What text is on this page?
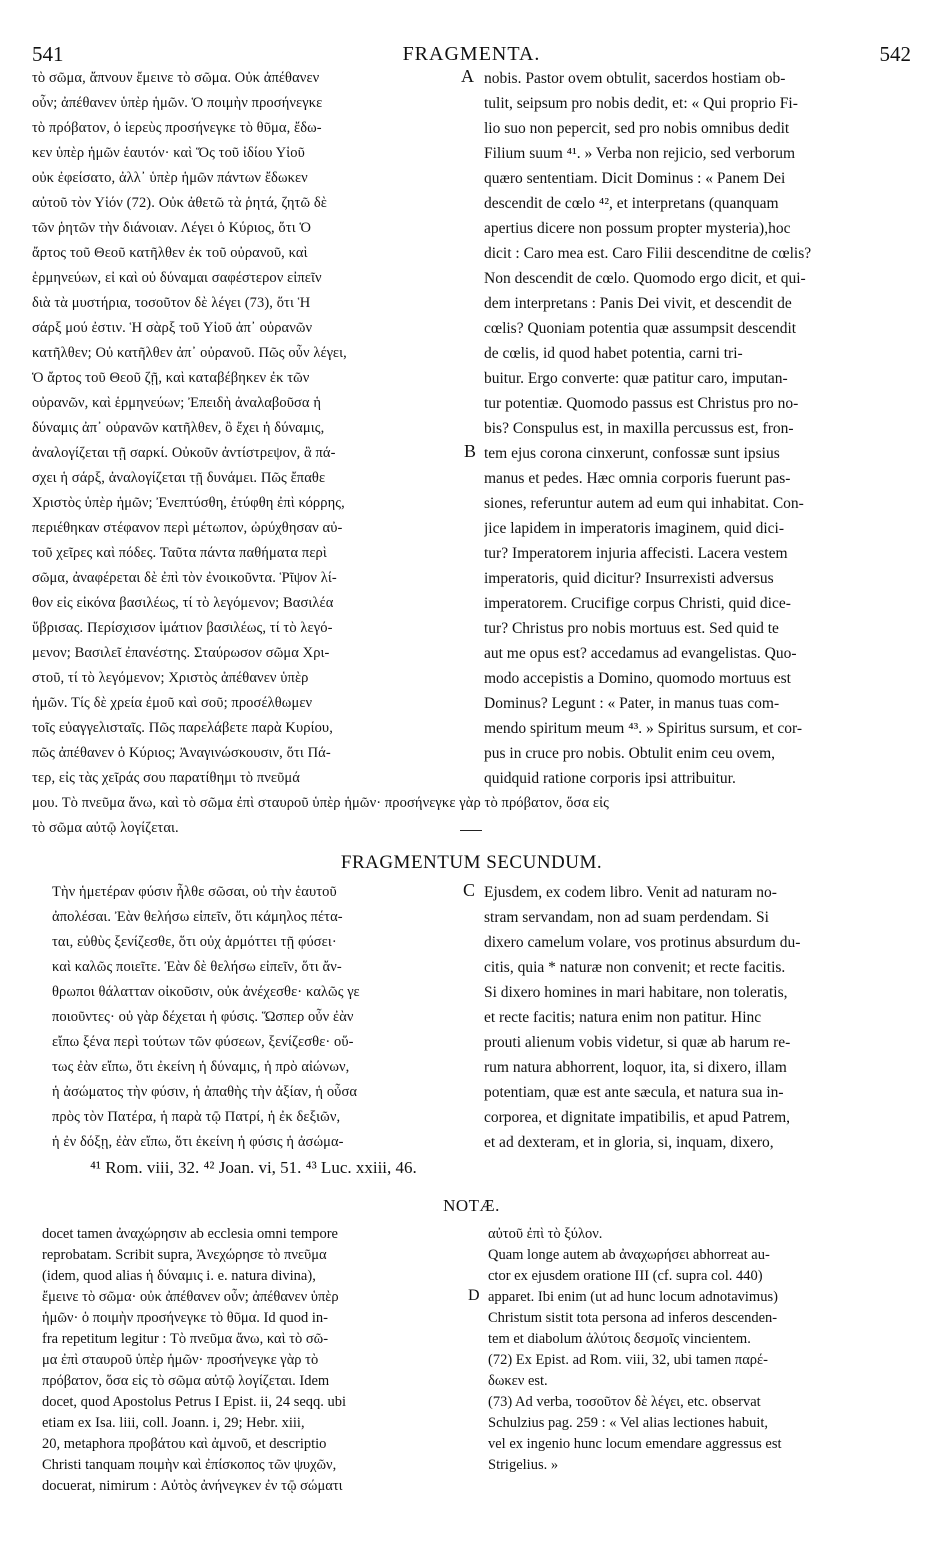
541	FRAGMENTA.	542
τὸ σῶμα, ἄπνουν ἔμεινε τὸ σῶμα. Οὐκ ἀπέθανεν
οὖν; ἀπέθανεν ὑπὲρ ἡμῶν. Ὁ ποιμὴν προσήνεγκε
τὸ πρόβατον, ὁ ἱερεὺς προσήνεγκε τὸ θῦμα, ἔδω-
κεν ὑπὲρ ἡμῶν ἑαυτόν· καὶ Ὅς τοῦ ἰδίου Υἱοῦ
οὐκ ἐφείσατο, ἀλλ᾽ ὑπὲρ ἡμῶν πάντων ἔδωκεν
αὐτοῦ τὸν Υἱόν (72). Οὐκ ἀθετῶ τὰ ῥητά, ζητῶ δὲ
τῶν ῥητῶν τὴν διάνοιαν. Λέγει ὁ Κύριος, ὅτι Ὁ
ἄρτος τοῦ Θεοῦ κατῆλθεν ἐκ τοῦ οὐρανοῦ, καὶ
ἑρμηνεύων, εἰ καὶ οὐ δύναμαι σαφέστερον εἰπεῖν
διὰ τὰ μυστήρια, τοσοῦτον δὲ λέγει (73), ὅτι Ἡ
σάρξ μού ἐστιν. Ἡ σὰρξ τοῦ Υἱοῦ ἀπ᾽ οὐρανῶν
κατῆλθεν; Οὐ κατῆλθεν ἀπ᾽ οὐρανοῦ. Πῶς οὖν λέγει,
Ὁ ἄρτος τοῦ Θεοῦ ζῇ, καὶ καταβέβηκεν ἐκ τῶν
οὐρανῶν, καὶ ἑρμηνεύων; Ἐπειδὴ ἀναλαβοῦσα ἡ
δύναμις ἀπ᾽ οὐρανῶν κατῆλθεν, ὃ ἔχει ἡ δύναμις,
ἀναλογίζεται τῇ σαρκί. Οὐκοῦν ἀντίστρεψον, ἃ πά-
σχει ἡ σάρξ, ἀναλογίζεται τῇ δυνάμει. Πῶς ἔπαθε
Χριστὸς ὑπὲρ ἡμῶν; Ἐνεπτύσθη, ἐτύφθη ἐπὶ κόρρης,
περιέθηκαν στέφανον περὶ μέτωπον, ὠρύχθησαν αὐ-
τοῦ χεῖρες καὶ πόδες. Ταῦτα πάντα παθήματα περὶ
σῶμα, ἀναφέρεται δὲ ἐπὶ τὸν ἐνοικοῦντα. Ῥῖψον λί-
θον εἰς εἰκόνα βασιλέως, τί τὸ λεγόμενον; Βασιλέα
ὕβρισας. Περίσχισον ἱμάτιον βασιλέως, τί τὸ λεγό-
μενον; Βασιλεῖ ἐπανέστης. Σταύρωσον σῶμα Χρι-
στοῦ, τί τὸ λεγόμενον; Χριστὸς ἀπέθανεν ὑπὲρ
ἡμῶν. Τίς δὲ χρεία ἐμοῦ καὶ σοῦ; προσέλθωμεν
τοῖς εὐαγγελισταῖς. Πῶς παρελάβετε παρὰ Κυρίου,
πῶς ἀπέθανεν ὁ Κύριος; Ἀναγινώσκουσιν, ὅτι Πά-
τερ, εἰς τὰς χεῖράς σου παρατίθημι τὸ πνεῦμά
nobis. Pastor ovem obtulit, sacerdos hostiam ob-
tulit, seipsum pro nobis dedit, et: « Qui proprio Fi-
lio suo non pepercit, sed pro nobis omnibus dedit
Filium suum ⁴¹. » Verba non rejicio, sed verborum
quæro sententiam. Dicit Dominus : « Panem Dei
descendit de cœlo ⁴², et interpretans (quanquam
apertius dicere non possum propter mysteria),hoc
dicit : Caro mea est. Caro Filii descenditne de cœlis?
Non descendit de cœlo. Quomodo ergo dicit, et qui-
dem interpretans : Panis Dei vivit, et descendit de
cœlis? Quoniam potentia quæ assumpsit descendit
de cœlis, id quod habet potentia, carni tri-
buitur. Ergo converte: quæ patitur caro, imputan-
tur potentiæ. Quomodo passus est Christus pro no-
bis? Conspulus est, in maxilla percussus est, fron-
tem ejus corona cinxerunt, confossæ sunt ipsius
manus et pedes. Hæc omnia corporis fuerunt pas-
siones, referuntur autem ad eum qui inhabitat. Con-
jice lapidem in imperatoris imaginem, quid dici-
tur? Imperatorem injuria affecisti. Lacera vestem
imperatoris, quid dicitur? Insurrexisti adversus
imperatorem. Crucifige corpus Christi, quid dice-
tur? Christus pro nobis mortuus est. Sed quid te
aut me opus est? accedamus ad evangelistas. Quo-
modo accepistis a Domino, quomodo mortuus est
Dominus? Legunt : « Pater, in manus tuas com-
mendo spiritum meum ⁴³. » Spiritus sursum, et cor-
pus in cruce pro nobis. Obtulit enim ceu ovem,
quidquid ratione corporis ipsi attribuitur.
μου. Τὸ πνεῦμα ἄνω, καὶ τὸ σῶμα ἐπὶ σταυροῦ ὑπὲρ ἡμῶν· προσήνεγκε γὰρ τὸ πρόβατον, ὅσα εἰς
τὸ σῶμα αὐτῷ λογίζεται.
A
B
FRAGMENTUM SECUNDUM.
Τὴν ἡμετέραν φύσιν ἦλθε σῶσαι, οὐ τὴν ἑαυτοῦ
ἀπολέσαι. Ἐὰν θελήσω εἰπεῖν, ὅτι κάμηλος πέτα-
ται, εὐθὺς ξενίζεσθε, ὅτι οὐχ ἁρμόττει τῇ φύσει·
καὶ καλῶς ποιεῖτε. Ἐὰν δὲ θελήσω εἰπεῖν, ὅτι ἄν-
θρωποι θάλατταν οἰκοῦσιν, οὐκ ἀνέχεσθε· καλῶς γε
ποιοῦντες· οὐ γὰρ δέχεται ἡ φύσις. Ὥσπερ οὖν ἐὰν
εἴπω ξένα περὶ τούτων τῶν φύσεων, ξενίζεσθε· οὕ-
τως ἐὰν εἴπω, ὅτι ἐκείνη ἡ δύναμις, ἡ πρὸ αἰώνων,
ἡ ἀσώματος τὴν φύσιν, ἡ ἀπαθὴς τὴν ἀξίαν, ἡ οὖσα
πρὸς τὸν Πατέρα, ἡ παρὰ τῷ Πατρί, ἡ ἐκ δεξιῶν,
ἡ ἐν δόξῃ, ἐὰν εἴπω, ὅτι ἐκείνη ἡ φύσις ἡ ἀσώμα-
Ejusdem, ex codem libro. Venit ad naturam no-
stram servandam, non ad suam perdendam. Si
dixero camelum volare, vos protinus absurdum du-
citis, quia * naturæ non convenit; et recte facitis.
Si dixero homines in mari habitare, non toleratis,
et recte facitis; natura enim non patitur. Hinc
prouti alienum vobis videtur, si quæ ab harum re-
rum natura abhorrent, loquor, ita, si dixero, illam
potentiam, quæ est ante sæcula, et natura sua in-
corporea, et dignitate impatibilis, et apud Patrem,
et ad dexteram, et in gloria, si, inquam, dixero,
C
⁴¹ Rom. viii, 32. ⁴² Joan. vi, 51. ⁴³ Luc. xxiii, 46.
NOTÆ.
docet tamen ἀναχώρησιν ab ecclesia omni tempore
reprobatam. Scribit supra, Ἀνεχώρησε τὸ πνεῦμα
(idem, quod alias ἡ δύναμις i. e. natura divina),
ἔμεινε τὸ σῶμα· οὐκ ἀπέθανεν οὖν; ἀπέθανεν ὑπὲρ
ἡμῶν· ὁ ποιμὴν προσήνεγκε τὸ θῦμα. Id quod in-
fra repetitum legitur : Τὸ πνεῦμα ἄνω, καὶ τὸ σῶ-
μα ἐπὶ σταυροῦ ὑπὲρ ἡμῶν· προσήνεγκε γὰρ τὸ
πρόβατον, ὅσα εἰς τὸ σῶμα αὐτῷ λογίζεται. Idem
docet, quod Apostolus Petrus I Epist. ii, 24 seqq. ubi
etiam ex Isa. liii, coll. Joann. i, 29; Hebr. xiii,
20, metaphora προβάτου καὶ ἀμνοῦ, et descriptio
Christi tanquam ποιμὴν καὶ ἐπίσκοπος τῶν ψυχῶν,
docuerat, nimirum : Αὐτὸς ἀνήνεγκεν ἐν τῷ σώματι
αὐτοῦ ἐπὶ τὸ ξύλον.
Quam longe autem ab ἀναχωρήσει abhorreat au-
ctor ex ejusdem oratione III (cf. supra col. 440)
apparet. Ibi enim (ut ad hunc locum adnotavimus)
Christum sistit tota persona ad inferos descenden-
tem et diabolum ἀλύτοις δεσμοῖς vincientem.
(72) Ex Epist. ad Rom. viii, 32, ubi tamen παρέ-
δωκεν est.
(73) Ad verba, τοσοῦτον δὲ λέγει, etc. observat
Schulzius pag. 259 : « Vel alias lectiones habuit,
vel ex ingenio hunc locum emendare aggressus est
Strigelius. »
D
